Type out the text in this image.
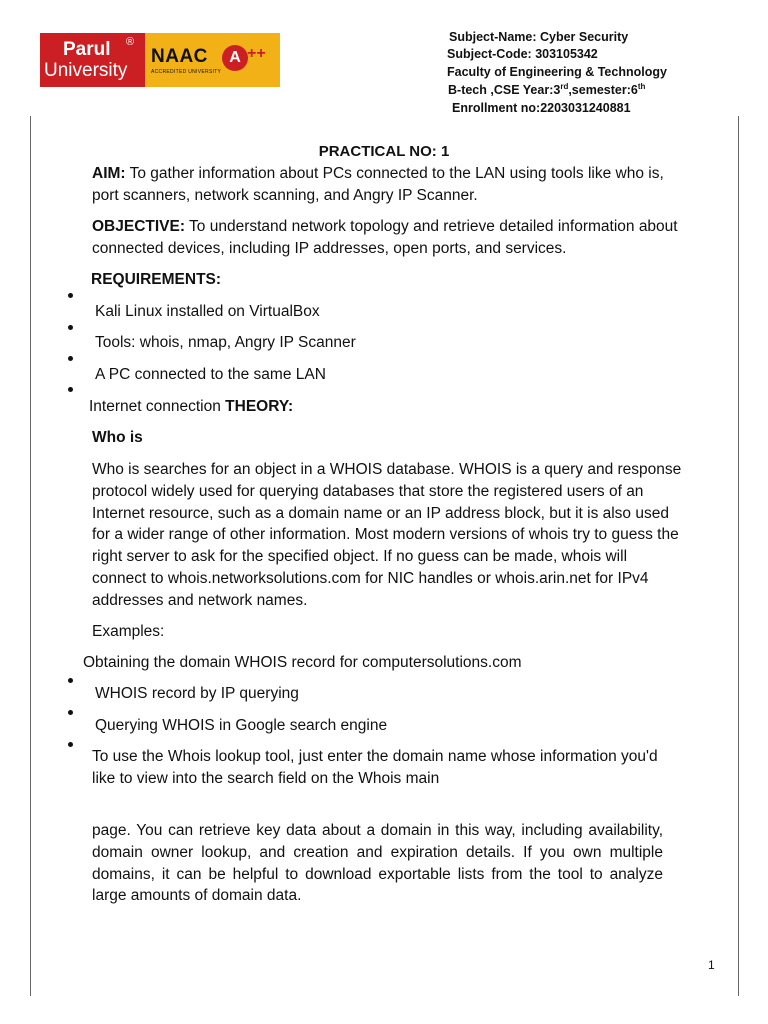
Parul ®
University
NAAC
ACCREDITED UNIVERSITY
A ++
Subject-Name: Cyber Security
Subject-Code: 303105342
Faculty of Engineering & Technology
B-tech ,CSE Year:3rd,semester:6th
Enrollment no:2203031240881
PRACTICAL NO: 1
AIM: To gather information about PCs connected to the LAN using tools like who is, port scanners, network scanning, and Angry IP Scanner.
OBJECTIVE: To understand network topology and retrieve detailed information about connected devices, including IP addresses, open ports, and services.
REQUIREMENTS:
Kali Linux installed on VirtualBox
Tools: whois, nmap, Angry IP Scanner
A PC connected to the same LAN
Internet connection THEORY:
Who is
Who is searches for an object in a WHOIS database. WHOIS is a query and response protocol widely used for querying databases that store the registered users of an Internet resource, such as a domain name or an IP address block, but it is also used for a wider range of other information. Most modern versions of whois try to guess the right server to ask for the specified object. If no guess can be made, whois will connect to whois.networksolutions.com for NIC handles or whois.arin.net for IPv4 addresses and network names.
Examples:
Obtaining the domain WHOIS record for computersolutions.com
WHOIS record by IP querying
Querying WHOIS in Google search engine
To use the Whois lookup tool, just enter the domain name whose information you'd like to view into the search field on the Whois main
page. You can retrieve key data about a domain in this way, including availability, domain owner lookup, and creation and expiration details. If you own multiple domains, it can be helpful to download exportable lists from the tool to analyze large amounts of domain data.
1
